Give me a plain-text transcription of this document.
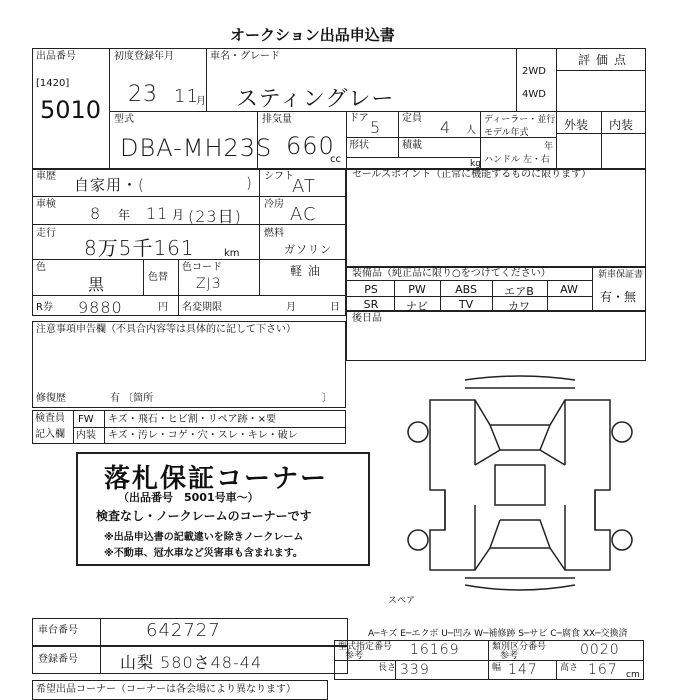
オークション出品申込書
出品番号
[1420]
5010
初度登録年月
23 11
月
車名・グレード
スティングレー
2WD
4WD
評価点
外装 内装
型式
DBA-MH23S
排気量
660
cc
ドア 5 定員 4 人
ディーラー・並行
モデル年式
年
形状	積載
kg ハンドル 左・右
車歴 自家用・(	) シフト
AT
車検 8 年 11 月 (23日)
冷房 AC
走行
8万5千161	km
燃料
ガソリン
軽 油
色
黒	色替
色コード
ZJ3
R券 9880	円 名変期限	月	日
セールスポイント（正常に機能するものに限ります）
装備品（純正品に限り○をつけてください）
PS	PW	ABS	エアB	AW
SR	ナビ	TV	カワ
新車保証書
有・無
後日品
注意事項申告欄（不具合内容等は具体的に記して下さい）
修復歴	有 〔箇所	〕
検査員
記入欄
FW キズ・飛石・ヒビ割・リペア跡・×要
内装 キズ・汚レ・コゲ・穴・スレ・キレ・破レ
落札保証コーナー
（出品番号　5001号車〜）
検査なし・ノークレームのコーナーです
※出品申込書の記載違いを除きノークレーム
※不動車、冠水車など災害車も含まれます。
スペア
A─キズ E─エクボ U─凹み W─補修跡 S─サビ C─腐食 XX─交換済
車台番号	642727
登録番号	山梨 580さ48-44
型式指定番号
参考	16169	類別区分番号
参考	0020
長さ 339	幅 147 高さ 167 cm
希望出品コーナー（コーナーは各会場により異なります）
